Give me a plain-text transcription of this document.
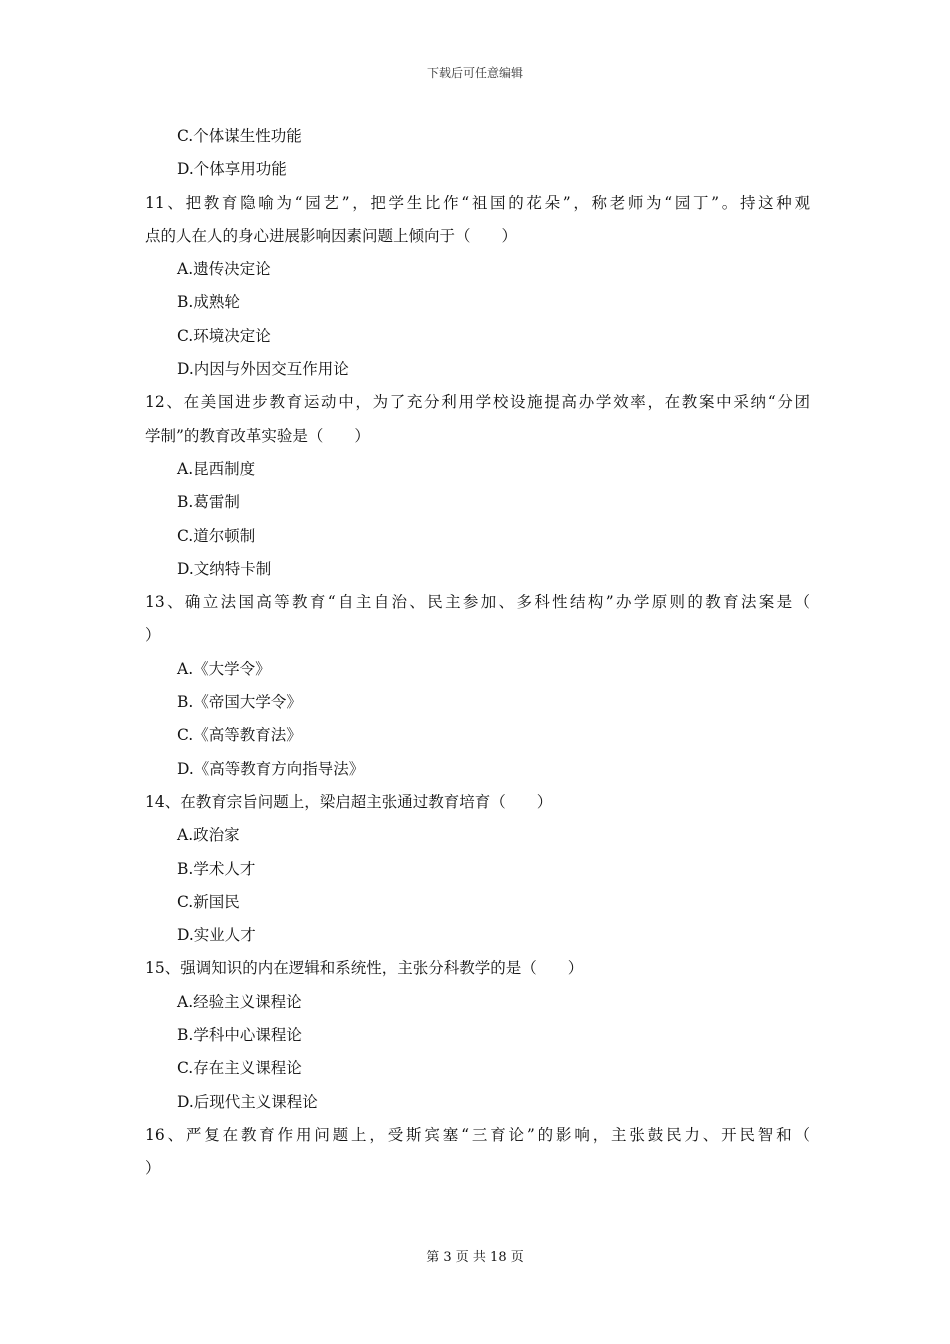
下载后可任意编辑
C.个体谋生性功能
D.个体享用功能
11、把教育隐喻为“园艺”，把学生比作“祖国的花朵”，称老师为“园丁”。持这种观
点的人在人的身心进展影响因素问题上倾向于（　　）
A.遗传决定论
B.成熟轮
C.环境决定论
D.内因与外因交互作用论
12、在美国进步教育运动中，为了充分利用学校设施提高办学效率，在教案中采纳“分团
学制”的教育改革实验是（　　）
A.昆西制度
B.葛雷制
C.道尔顿制
D.文纳特卡制
13、确立法国高等教育“自主自治、民主参加、多科性结构”办学原则的教育法案是（
）
A.《大学令》
B.《帝国大学令》
C.《高等教育法》
D.《高等教育方向指导法》
14、在教育宗旨问题上，梁启超主张通过教育培育（　　）
A.政治家
B.学术人才
C.新国民
D.实业人才
15、强调知识的内在逻辑和系统性，主张分科教学的是（　　）
A.经验主义课程论
B.学科中心课程论
C.存在主义课程论
D.后现代主义课程论
16、严复在教育作用问题上，受斯宾塞“三育论”的影响，主张鼓民力、开民智和（
）
第 3 页 共 18 页
